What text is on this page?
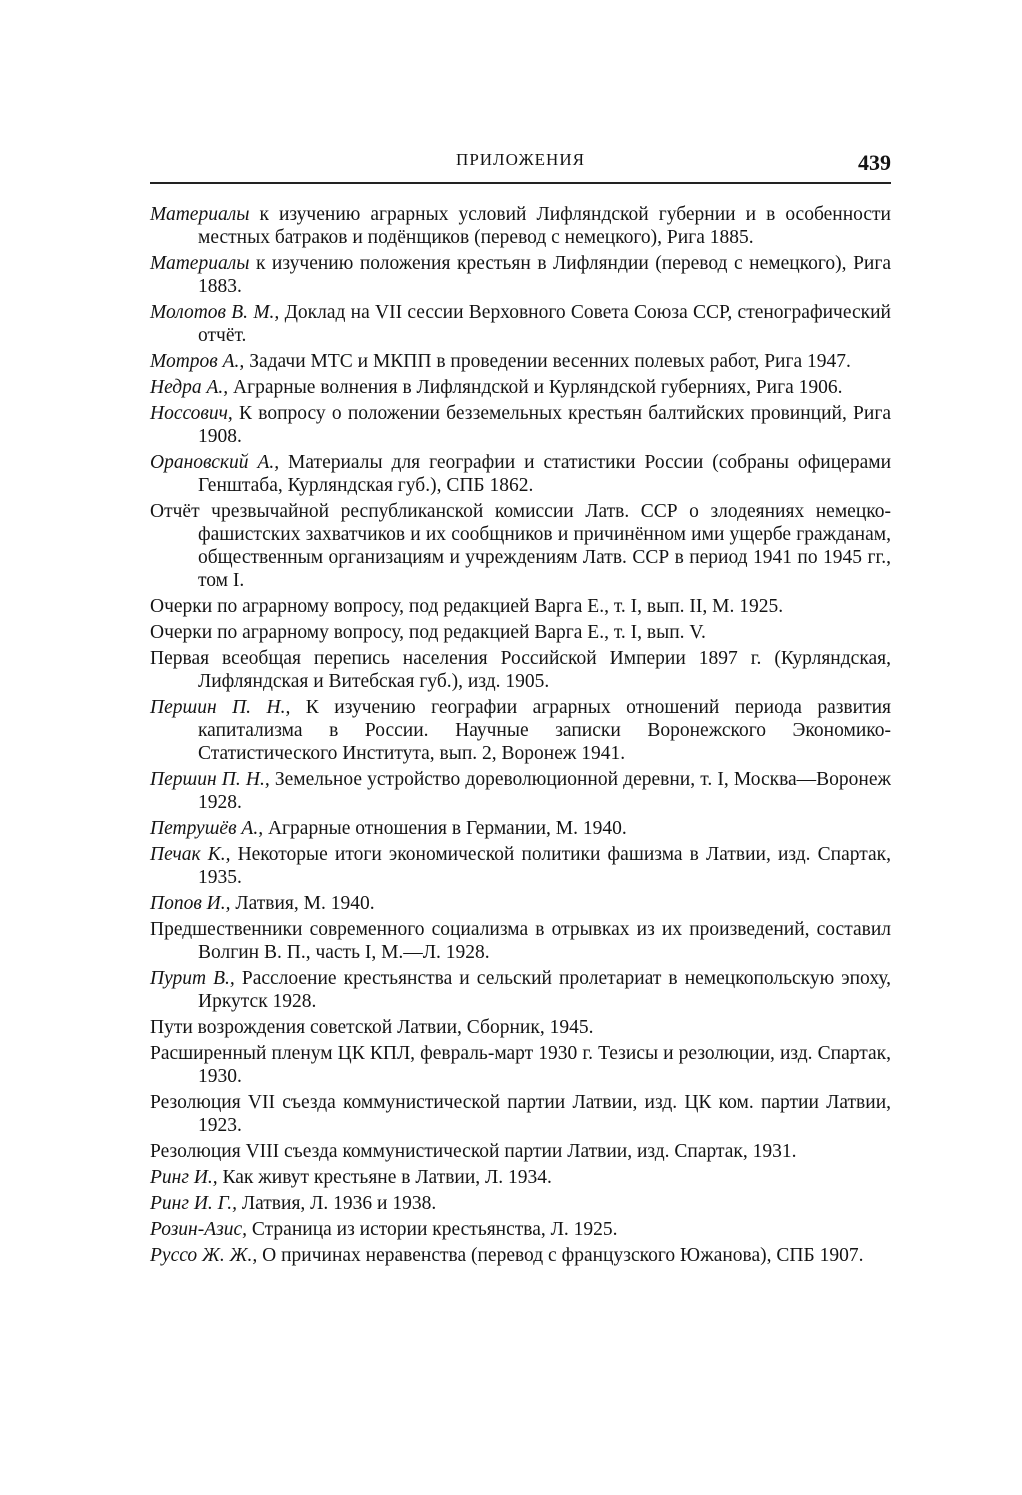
ПРИЛОЖЕНИЯ	439

Материалы к изучению аграрных условий Лифляндской губернии и в особенности местных батраков и подёнщиков (перевод с немецкого), Рига 1885.

Материалы к изучению положения крестьян в Лифляндии (перевод с немецкого), Рига 1883.

Молотов В. М., Доклад на VII сессии Верховного Совета Союза ССР, стенографический отчёт.

Мотров А., Задачи МТС и МКПП в проведении весенних полевых работ, Рига 1947.

Недра А., Аграрные волнения в Лифляндской и Курляндской губерниях, Рига 1906.

Носсович, К вопросу о положении безземельных крестьян балтийских провинций, Рига 1908.

Орановский А., Материалы для географии и статистики России (собраны офицерами Генштаба, Курляндская губ.), СПБ 1862.

Отчёт чрезвычайной республиканской комиссии Латв. ССР о злодеяниях немецко-фашистских захватчиков и их сообщников и причинённом ими ущербе гражданам, общественным организациям и учреждениям Латв. ССР в период 1941 по 1945 гг., том I.

Очерки по аграрному вопросу, под редакцией Варга Е., т. I, вып. II, М. 1925.

Очерки по аграрному вопросу, под редакцией Варга Е., т. I, вып. V.

Первая всеобщая перепись населения Российской Империи 1897 г. (Курляндская, Лифляндская и Витебская губ.), изд. 1905.

Першин П. Н., К изучению географии аграрных отношений периода развития капитализма в России. Научные записки Воронежского Экономико-Статистического Института, вып. 2, Воронеж 1941.

Першин П. Н., Земельное устройство дореволюционной деревни, т. I, Москва—Воронеж 1928.

Петрушёв А., Аграрные отношения в Германии, М. 1940.

Печак К., Некоторые итоги экономической политики фашизма в Латвии, изд. Спартак, 1935.

Попов И., Латвия, М. 1940.

Предшественники современного социализма в отрывках из их произведений, составил Волгин В. П., часть I, М.—Л. 1928.

Пурит В., Расслоение крестьянства и сельский пролетариат в немецкопольскую эпоху, Иркутск 1928.

Пути возрождения советской Латвии, Сборник, 1945.

Расширенный пленум ЦК КПЛ, февраль-март 1930 г. Тезисы и резолюции, изд. Спартак, 1930.

Резолюция VII съезда коммунистической партии Латвии, изд. ЦК ком. партии Латвии, 1923.

Резолюция VIII съезда коммунистической партии Латвии, изд. Спартак, 1931.

Ринг И., Как живут крестьяне в Латвии, Л. 1934.

Ринг И. Г., Латвия, Л. 1936 и 1938.

Розин-Азис, Страница из истории крестьянства, Л. 1925.

Руссо Ж. Ж., О причинах неравенства (перевод с французского Южанова), СПБ 1907.
